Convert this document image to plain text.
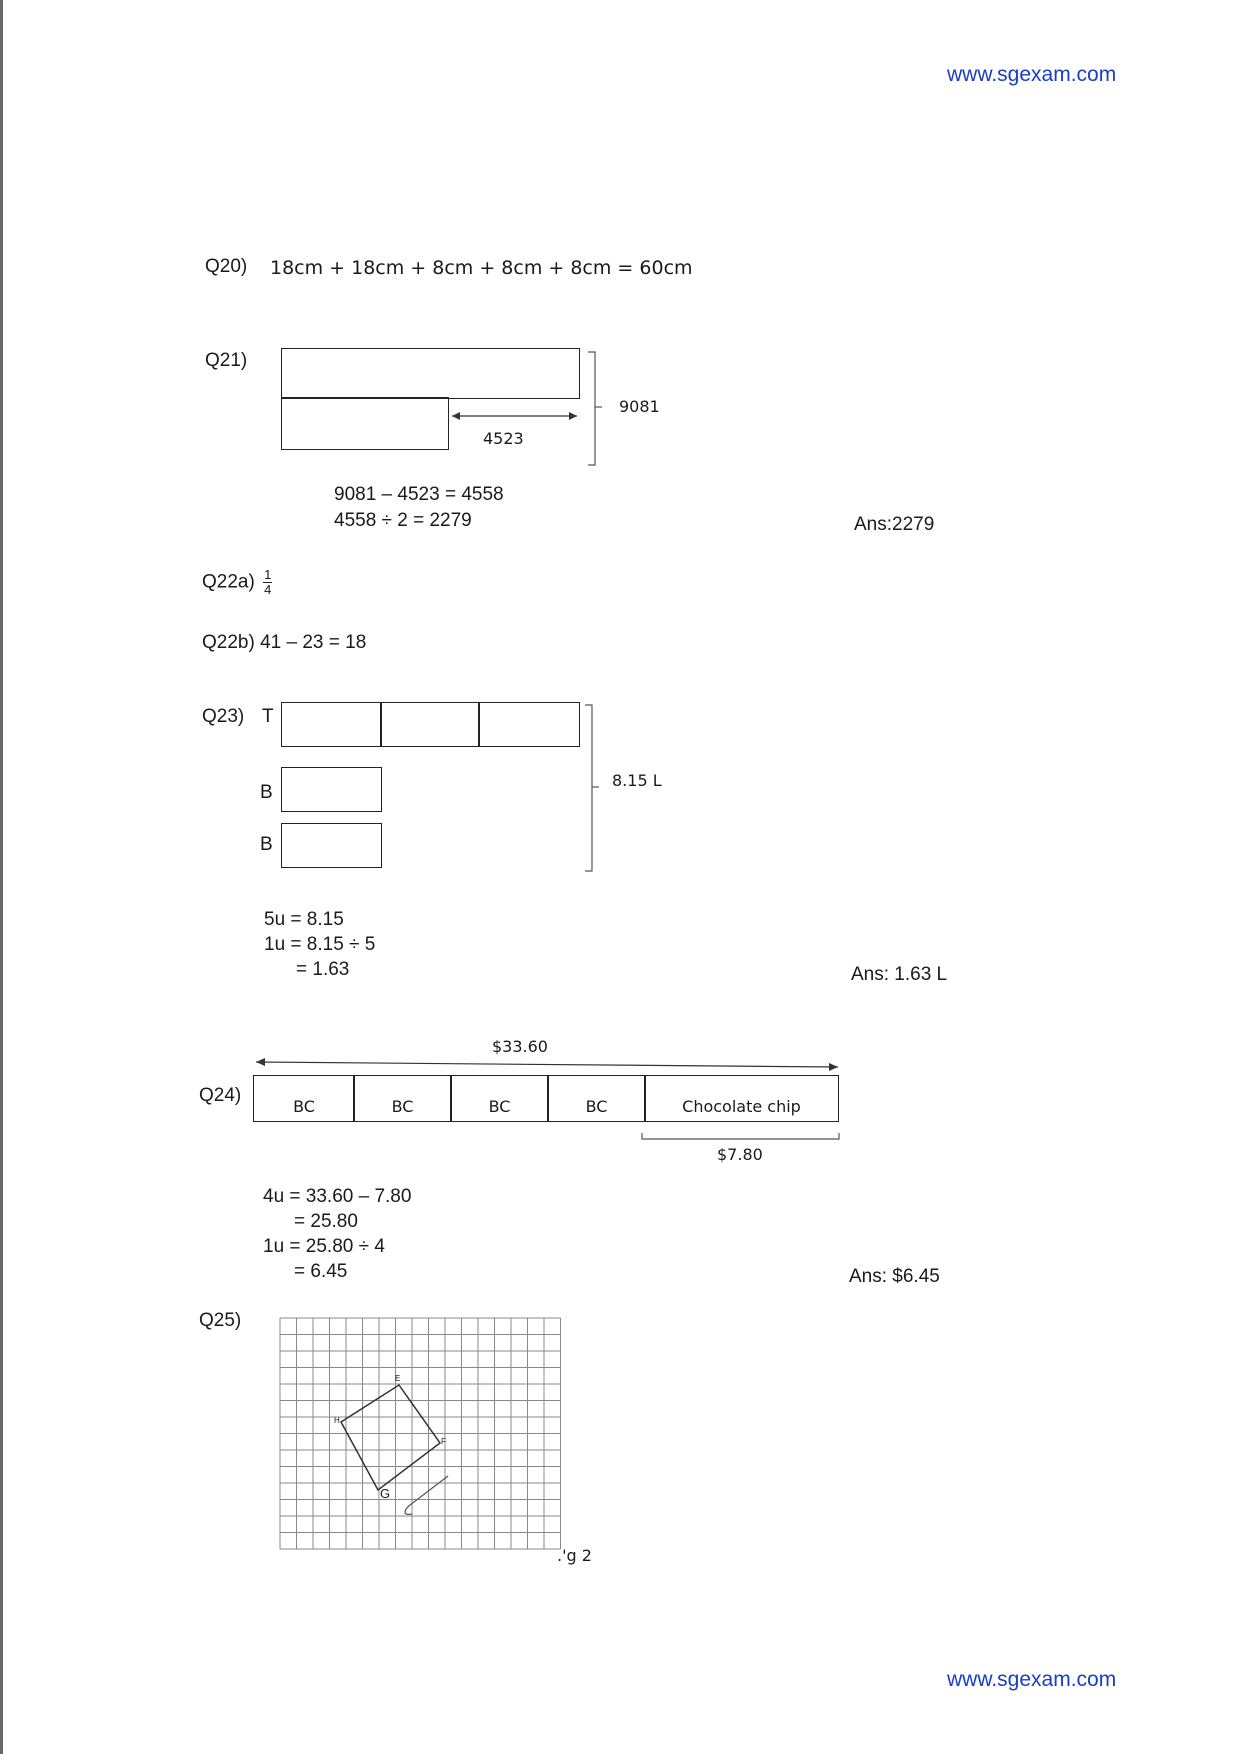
www.sgexam.com
Q20) 18cm + 18cm + 8cm + 8cm + 8cm = 60cm
Q21)
9081
4523
9081 – 4523 = 4558
4558 ÷ 2 = 2279	Ans:2279
$Q22a) \frac{1}{4}$
Q22b) 41 – 23 = 18
Q23) T
B
B
8.15 L
5u = 8.15
1u = 8.15 ÷ 5
= 1.63	Ans: 1.63 L
$33.60
Q24)
BC	BC	BC	BC	Chocolate chip
$7.80
4u = 33.60 – 7.80
= 25.80
1u = 25.80 ÷ 4
= 6.45	Ans: $6.45
Q25)
E
F
G
H
.'g 2
www.sgexam.com
